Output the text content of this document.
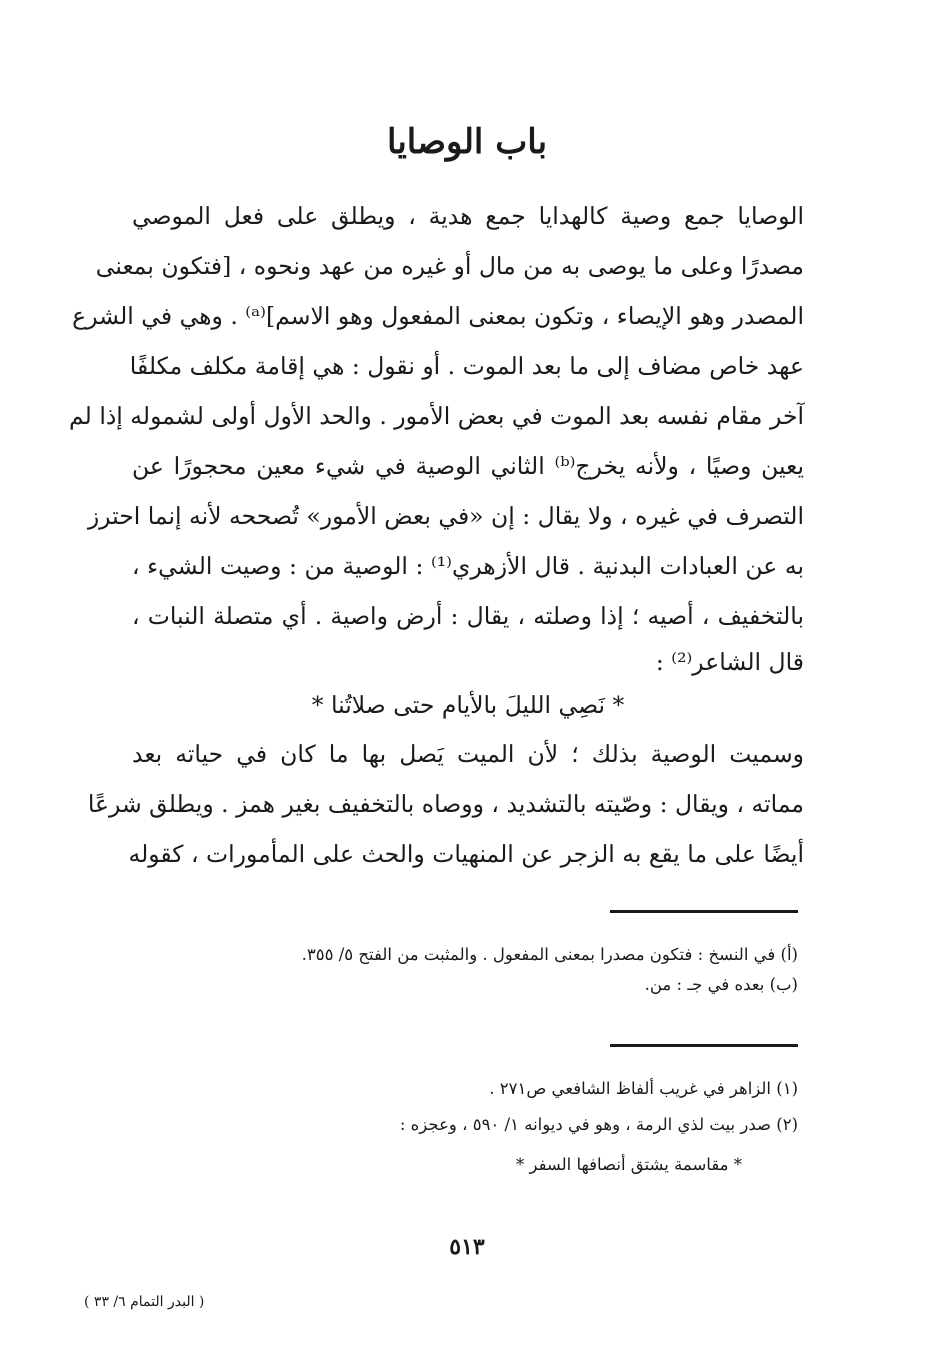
باب الوصايا
الوصايا جمع وصية كالهدايا جمع هدية ، ويطلق على فعل الموصي
مصدرًا وعلى ما يوصى به من مال أو غيره من عهد ونحوه ، [فتكون بمعنى
المصدر وهو الإيصاء ، وتكون بمعنى المفعول وهو الاسم]⁽ᵃ⁾ . وهي في الشرع
عهد خاص مضاف إلى ما بعد الموت . أو نقول : هي إقامة مكلف مكلفًا
آخر مقام نفسه بعد الموت في بعض الأمور . والحد الأول أولى لشموله إذا لم
يعين وصيًا ، ولأنه يخرج⁽ᵇ⁾ الثاني الوصية في شيء معين محجورًا عن
التصرف في غيره ، ولا يقال : إن «في بعض الأمور» تُصححه لأنه إنما احترز
به عن العبادات البدنية . قال الأزهري⁽¹⁾ : الوصية من : وصيت الشيء ،
بالتخفيف ، أصيه ؛ إذا وصلته ، يقال : أرض واصية . أي متصلة النبات ،
قال الشاعر⁽²⁾ :
* نَصِي الليلَ بالأيام حتى صلاتُنا *
وسميت الوصية بذلك ؛ لأن الميت يَصل بها ما كان في حياته بعد
مماته ، ويقال : وصّيته بالتشديد ، ووصاه بالتخفيف بغير همز . ويطلق شرعًا
أيضًا على ما يقع به الزجر عن المنهيات والحث على المأمورات ، كقوله
(أ) في النسخ : فتكون مصدرا بمعنى المفعول . والمثبت من الفتح ٥/ ٣٥٥.
(ب) بعده في جـ : من.
(١) الزاهر في غريب ألفاظ الشافعي ص٢٧١ .
(٢) صدر بيت لذي الرمة ، وهو في ديوانه ١/ ٥٩٠ ، وعجزه :
* مقاسمة يشتق أنصافها السفر *
٥١٣
( البدر التمام ٦/ ٣٣ )
